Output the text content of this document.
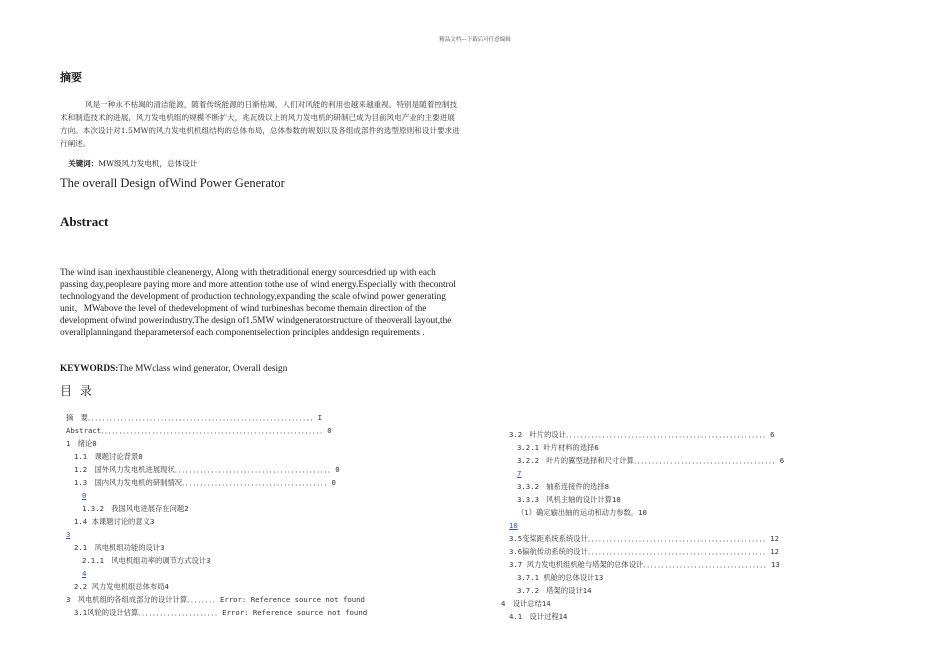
精品文档---下载后可任意编辑
摘要
风是一种永不枯竭的清洁能源，随着传统能源的日渐枯竭，人们对风能的利用也越来越重视。特别是随着控制技术和制造技术的进展，风力发电机组的规模不断扩大，兆瓦级以上的风力发电机的研制已成为目前风电产业的主要进展方向。本次设计对1.5MW的风力发电机机组结构的总体布局，总体参数的规划以及各组成部件的选型原则和设计要求进行阐述。
关键词：MW级风力发电机，总体设计
The overall Design ofWind Power Generator
Abstract
The wind isan inexhaustible cleanenergy, Along with thetraditional energy sourcesdried up with each passing day,peopleare paying more and more attention tothe use of wind energy.Especially with thecontrol technologyand the development of production technology,expanding the scale ofwind power generating unit，MWabove the level of thedevelopment of wind turbineshas become themain direction of the development ofwind powerindustry.The design of1.5MW windgeneratorstructure of theoverall layout,the overallplanningand theparametersof each componentselection principles anddesign requirements .
KEYWORDS:The MWclass wind generator, Overall design
目 录
摘　要．．．．．．．．．．．．．．．．．．．．．．．．．．．．．．．．．．．．．．．．．．．．．．．．．．．．．．．．．．．．．．I
Abstract．．．．．．．．．．．．．．．．．．．．．．．．．．．．．．．．．．．．．．．．．．．．．．．．．．．．．．．．．．．．．0
1　绪论0
1.1　课题讨论背景0
1.2　国外风力发电机进展现状．．．．．．．．．．．．．．．．．．．．．．．．．．．．．．．．．．．．．．．．．．．0
1.3　国内风力发电机的研制情况．．．．．．．．．．．．．．．．．．．．．．．．．．．．．．．．．．．．．．．．0
0
1.3.2　我国风电进展存在问题2
1.4 本课题讨论的意义3
3
2.1　风电机组功能的设计3
2.1.1　风电机组功率的调节方式设计3
4
2.2 风力发电机组总体布局4
3　风电机组的各组成部分的设计计算．．．．．．．．Error: Reference source not found
3.1风轮的设计估算．．．．．．．．．．．．．．．．．．．．．．Error: Reference source not found
3.2　叶片的设计．．．．．．．．．．．．．．．．．．．．．．．．．．．．．．．．．．．．．．．．．．．．．．．．．．．．．．．6
3.2.1 叶片材料的选择6
3.2.2　叶片的翼型选择和尺寸计算．．．．．．．．．．．．．．．．．．．．．．．．．．．．．．．．．．．．．．．6
7
3.3.2　轴系连接件的选择8
3.3.3　风机主轴的设计计算10
（1）确定输出轴的运动和动力参数。10
10
3.5变桨距系统系统设计．．．．．．．．．．．．．．．．．．．．．．．．．．．．．．．．．．．．．．．．．．．．．．．．．12
3.6偏航传动系统的设计．．．．．．．．．．．．．．．．．．．．．．．．．．．．．．．．．．．．．．．．．．．．．．．．．12
3.7 风力发电机组机舱与塔架的总体设计．．．．．．．．．．．．．．．．．．．．．．．．．．．．．．．．．．13
3.7.1 机舱的总体设计13
3.7.2　塔架的设计14
4　设计总结14
4.1　设计过程14
